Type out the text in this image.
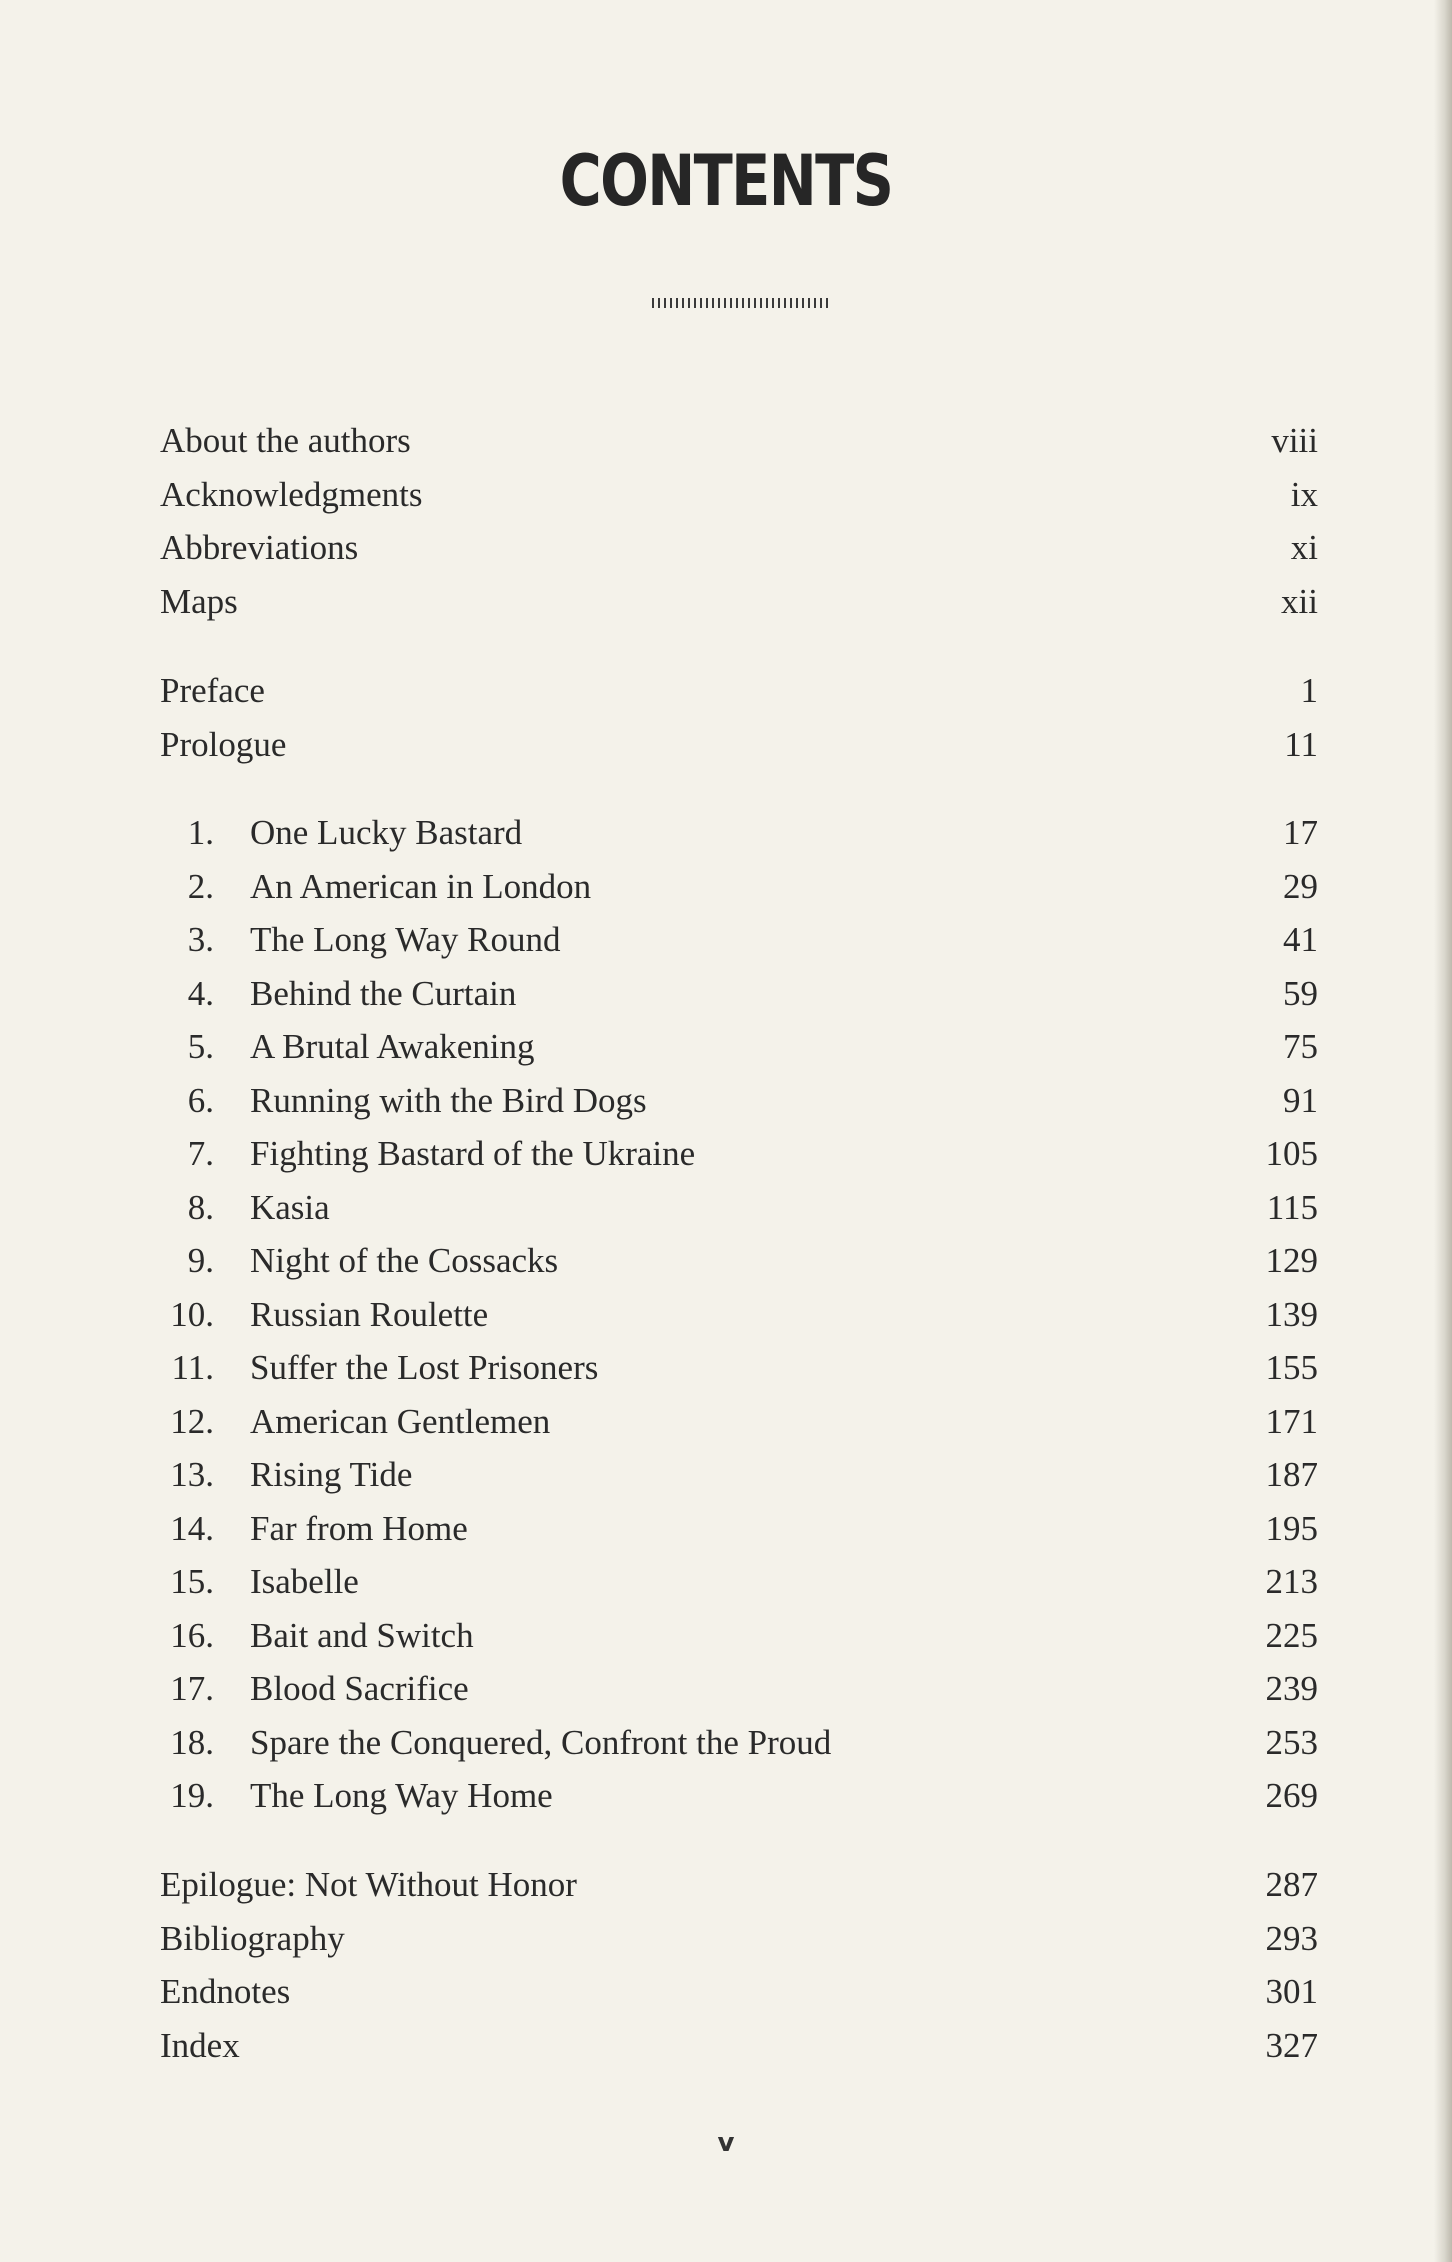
CONTENTS
About the authors	viii
Acknowledgments	ix
Abbreviations	xi
Maps	xii
Preface	1
Prologue	11
1. One Lucky Bastard	17
2. An American in London	29
3. The Long Way Round	41
4. Behind the Curtain	59
5. A Brutal Awakening	75
6. Running with the Bird Dogs	91
7. Fighting Bastard of the Ukraine	105
8. Kasia	115
9. Night of the Cossacks	129
10. Russian Roulette	139
11. Suffer the Lost Prisoners	155
12. American Gentlemen	171
13. Rising Tide	187
14. Far from Home	195
15. Isabelle	213
16. Bait and Switch	225
17. Blood Sacrifice	239
18. Spare the Conquered, Confront the Proud	253
19. The Long Way Home	269
Epilogue: Not Without Honor	287
Bibliography	293
Endnotes	301
Index	327
v
